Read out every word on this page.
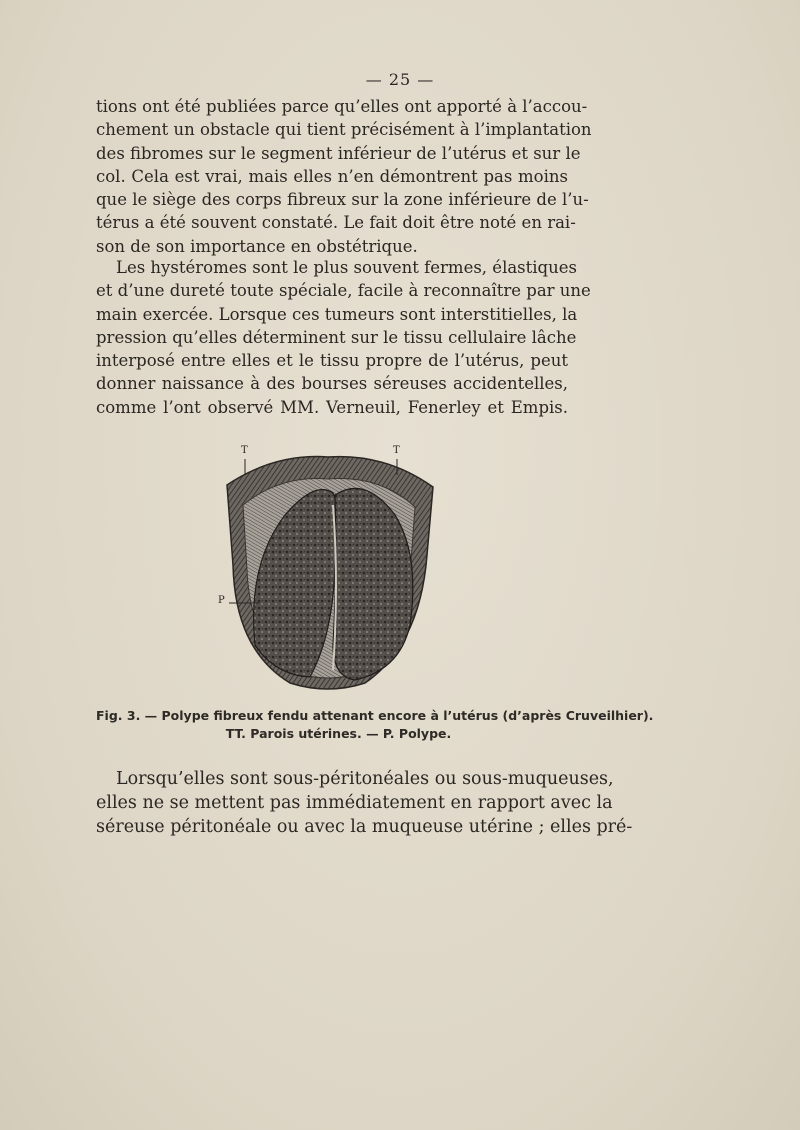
— 25 —
tions ont été publiées parce qu’elles ont apporté à l’accou-
chement un obstacle qui tient précisément à l’implantation
des fibromes sur le segment inférieur de l’utérus et sur le
col. Cela est vrai, mais elles n’en démontrent pas moins
que le siège des corps fibreux sur la zone inférieure de l’u-
térus a été souvent constaté. Le fait doit être noté en rai-
son de son importance en obstétrique.
Les hystéromes sont le plus souvent fermes, élastiques
et d’une dureté toute spéciale, facile à reconnaître par une
main exercée. Lorsque ces tumeurs sont interstitielles, la
pression qu’elles déterminent sur le tissu cellulaire lâche
interposé entre elles et le tissu propre de l’utérus, peut
donner naissance à des bourses séreuses accidentelles,
comme l’ont observé MM. Verneuil, Fenerley et Empis.
T	T
P
Fig. 3. — Polype fibreux fendu attenant encore à l’utérus (d’après Cruveilhier).
TT. Parois utérines. — P. Polype.
Lorsqu’elles sont sous-péritonéales ou sous-muqueuses,
elles ne se mettent pas immédiatement en rapport avec la
séreuse péritonéale ou avec la muqueuse utérine ; elles pré-
